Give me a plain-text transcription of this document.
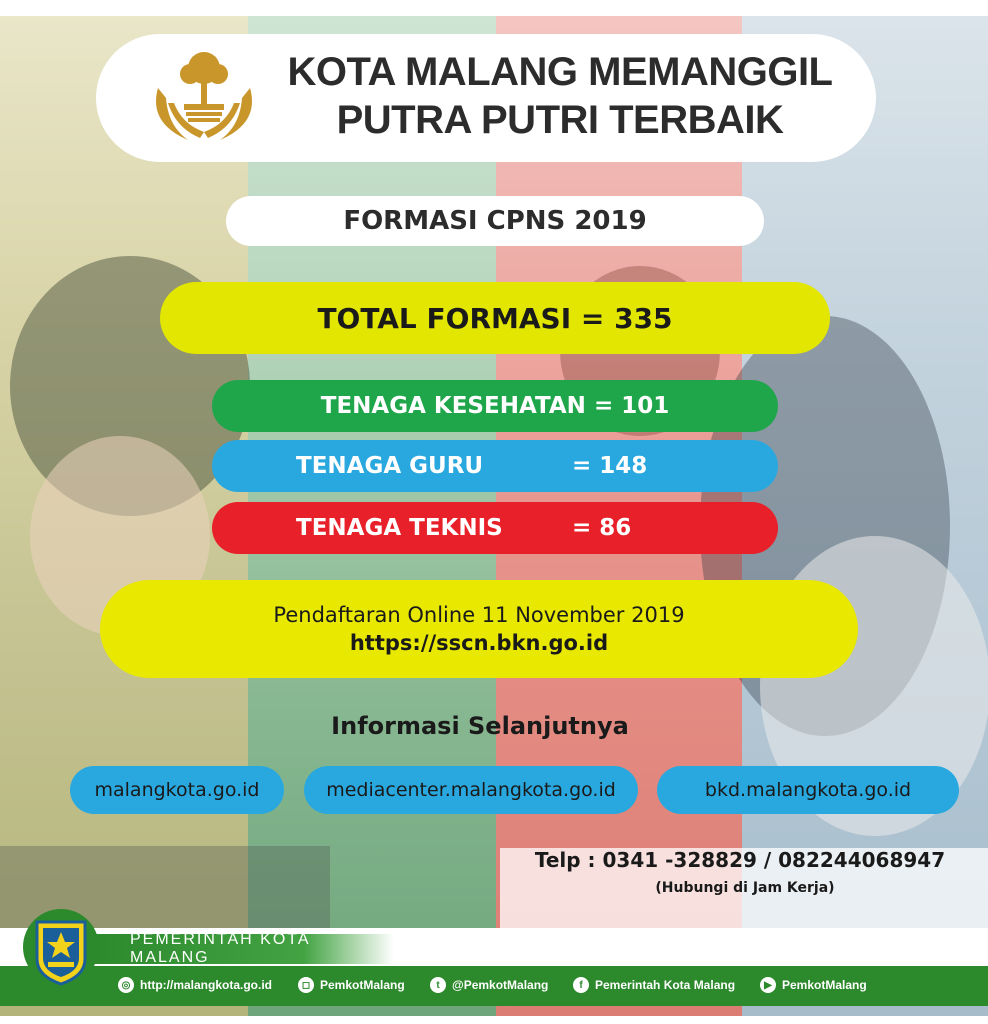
KOTA MALANG MEMANGGIL
PUTRA PUTRI TERBAIK
FORMASI CPNS 2019
TOTAL FORMASI = 335
TENAGA KESEHATAN = 101
TENAGA GURU	= 148
TENAGA TEKNIS	= 86
Pendaftaran Online 11 November 2019
https://sscn.bkn.go.id
Informasi Selanjutnya
malangkota.go.id	mediacenter.malangkota.go.id	bkd.malangkota.go.id
Telp : 0341 -328829 / 082244068947
(Hubungi di Jam Kerja)
PEMERINTAH KOTA MALANG
◎ http://malangkota.go.id	◻ PemkotMalang	t	@PemkotMalang	f	Pemerintah Kota Malang	▶ PemkotMalang
